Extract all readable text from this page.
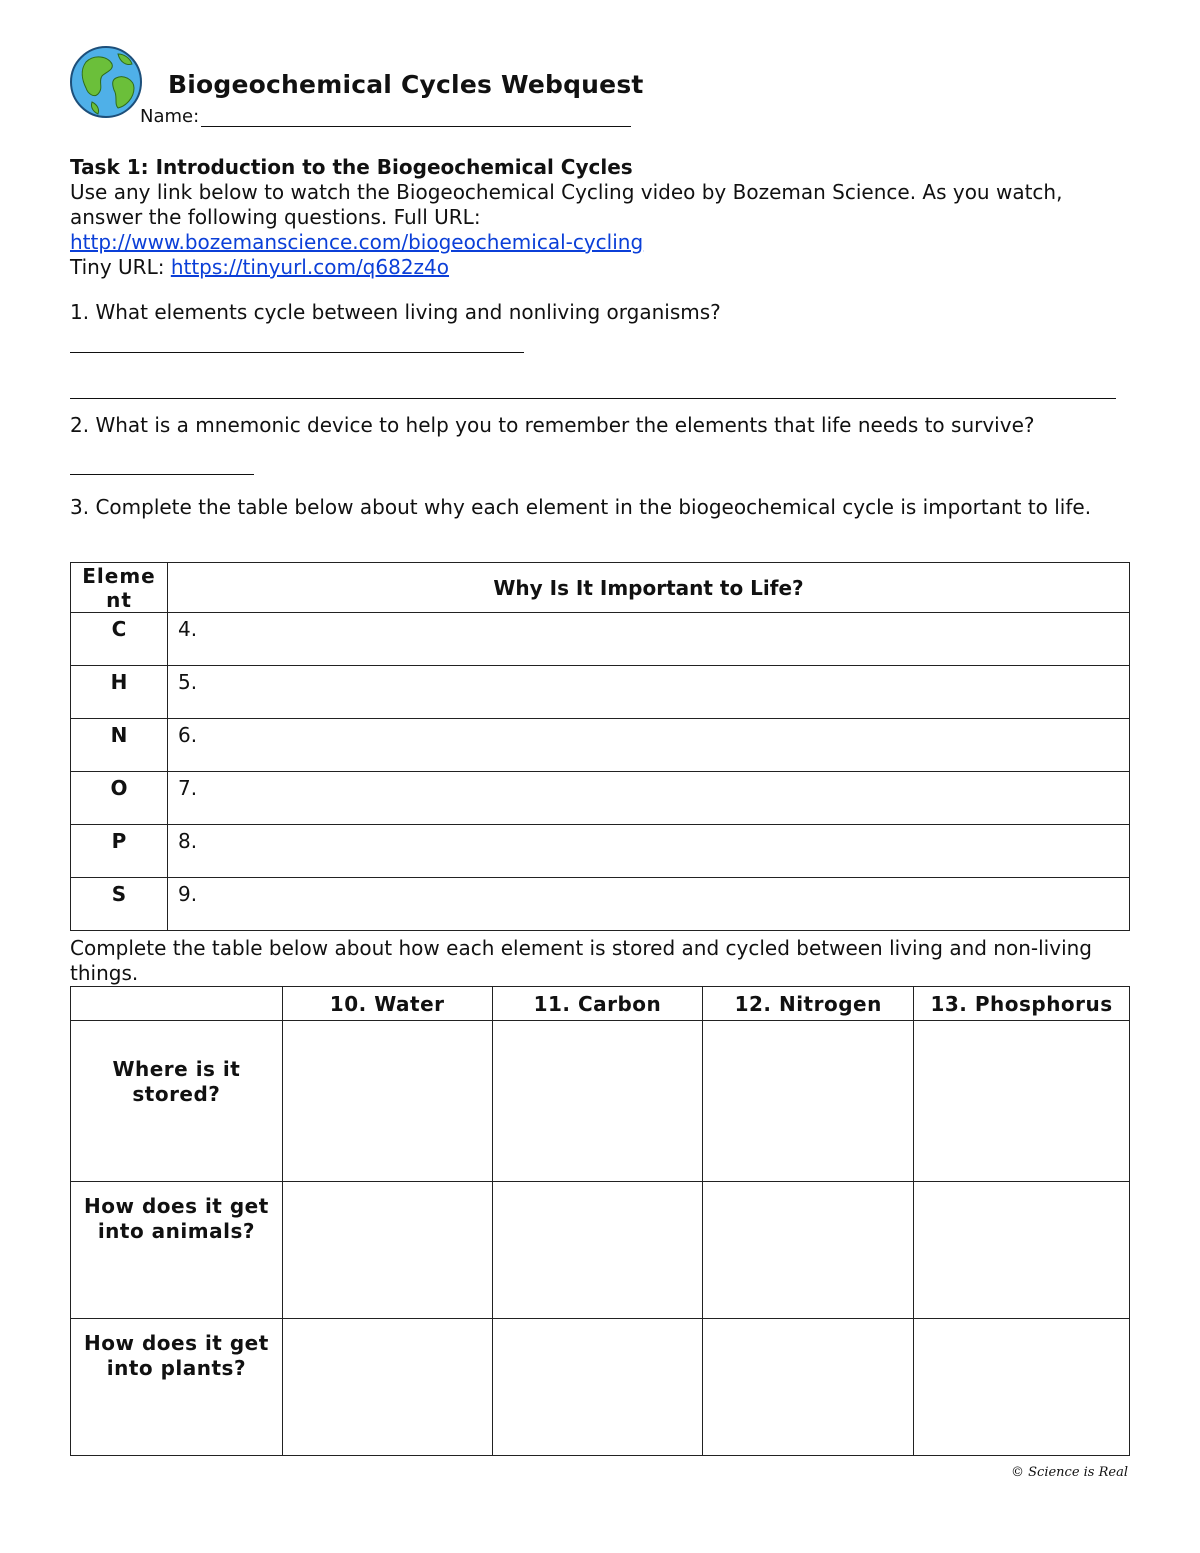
Biogeochemical Cycles Webquest
Name:
Task 1: Introduction to the Biogeochemical Cycles
Use any link below to watch the Biogeochemical Cycling video by Bozeman Science. As you watch, answer the following questions. Full URL:
http://www.bozemanscience.com/biogeochemical-cycling
Tiny URL: https://tinyurl.com/q682z4o
1. What elements cycle between living and nonliving organisms?
2. What is a mnemonic device to help you to remember the elements that life needs to survive?
3. Complete the table below about why each element in the biogeochemical cycle is important to life.
Eleme nt	Why Is It Important to Life?
C	4.
H	5.
N	6.
O	7.
P	8.
S	9.
Complete the table below about how each element is stored and cycled between living and non-living things.
	10. Water	11. Carbon	12. Nitrogen	13. Phosphorus
Where is it stored?				
How does it get into animals?				
How does it get into plants?				
© Science is Real
